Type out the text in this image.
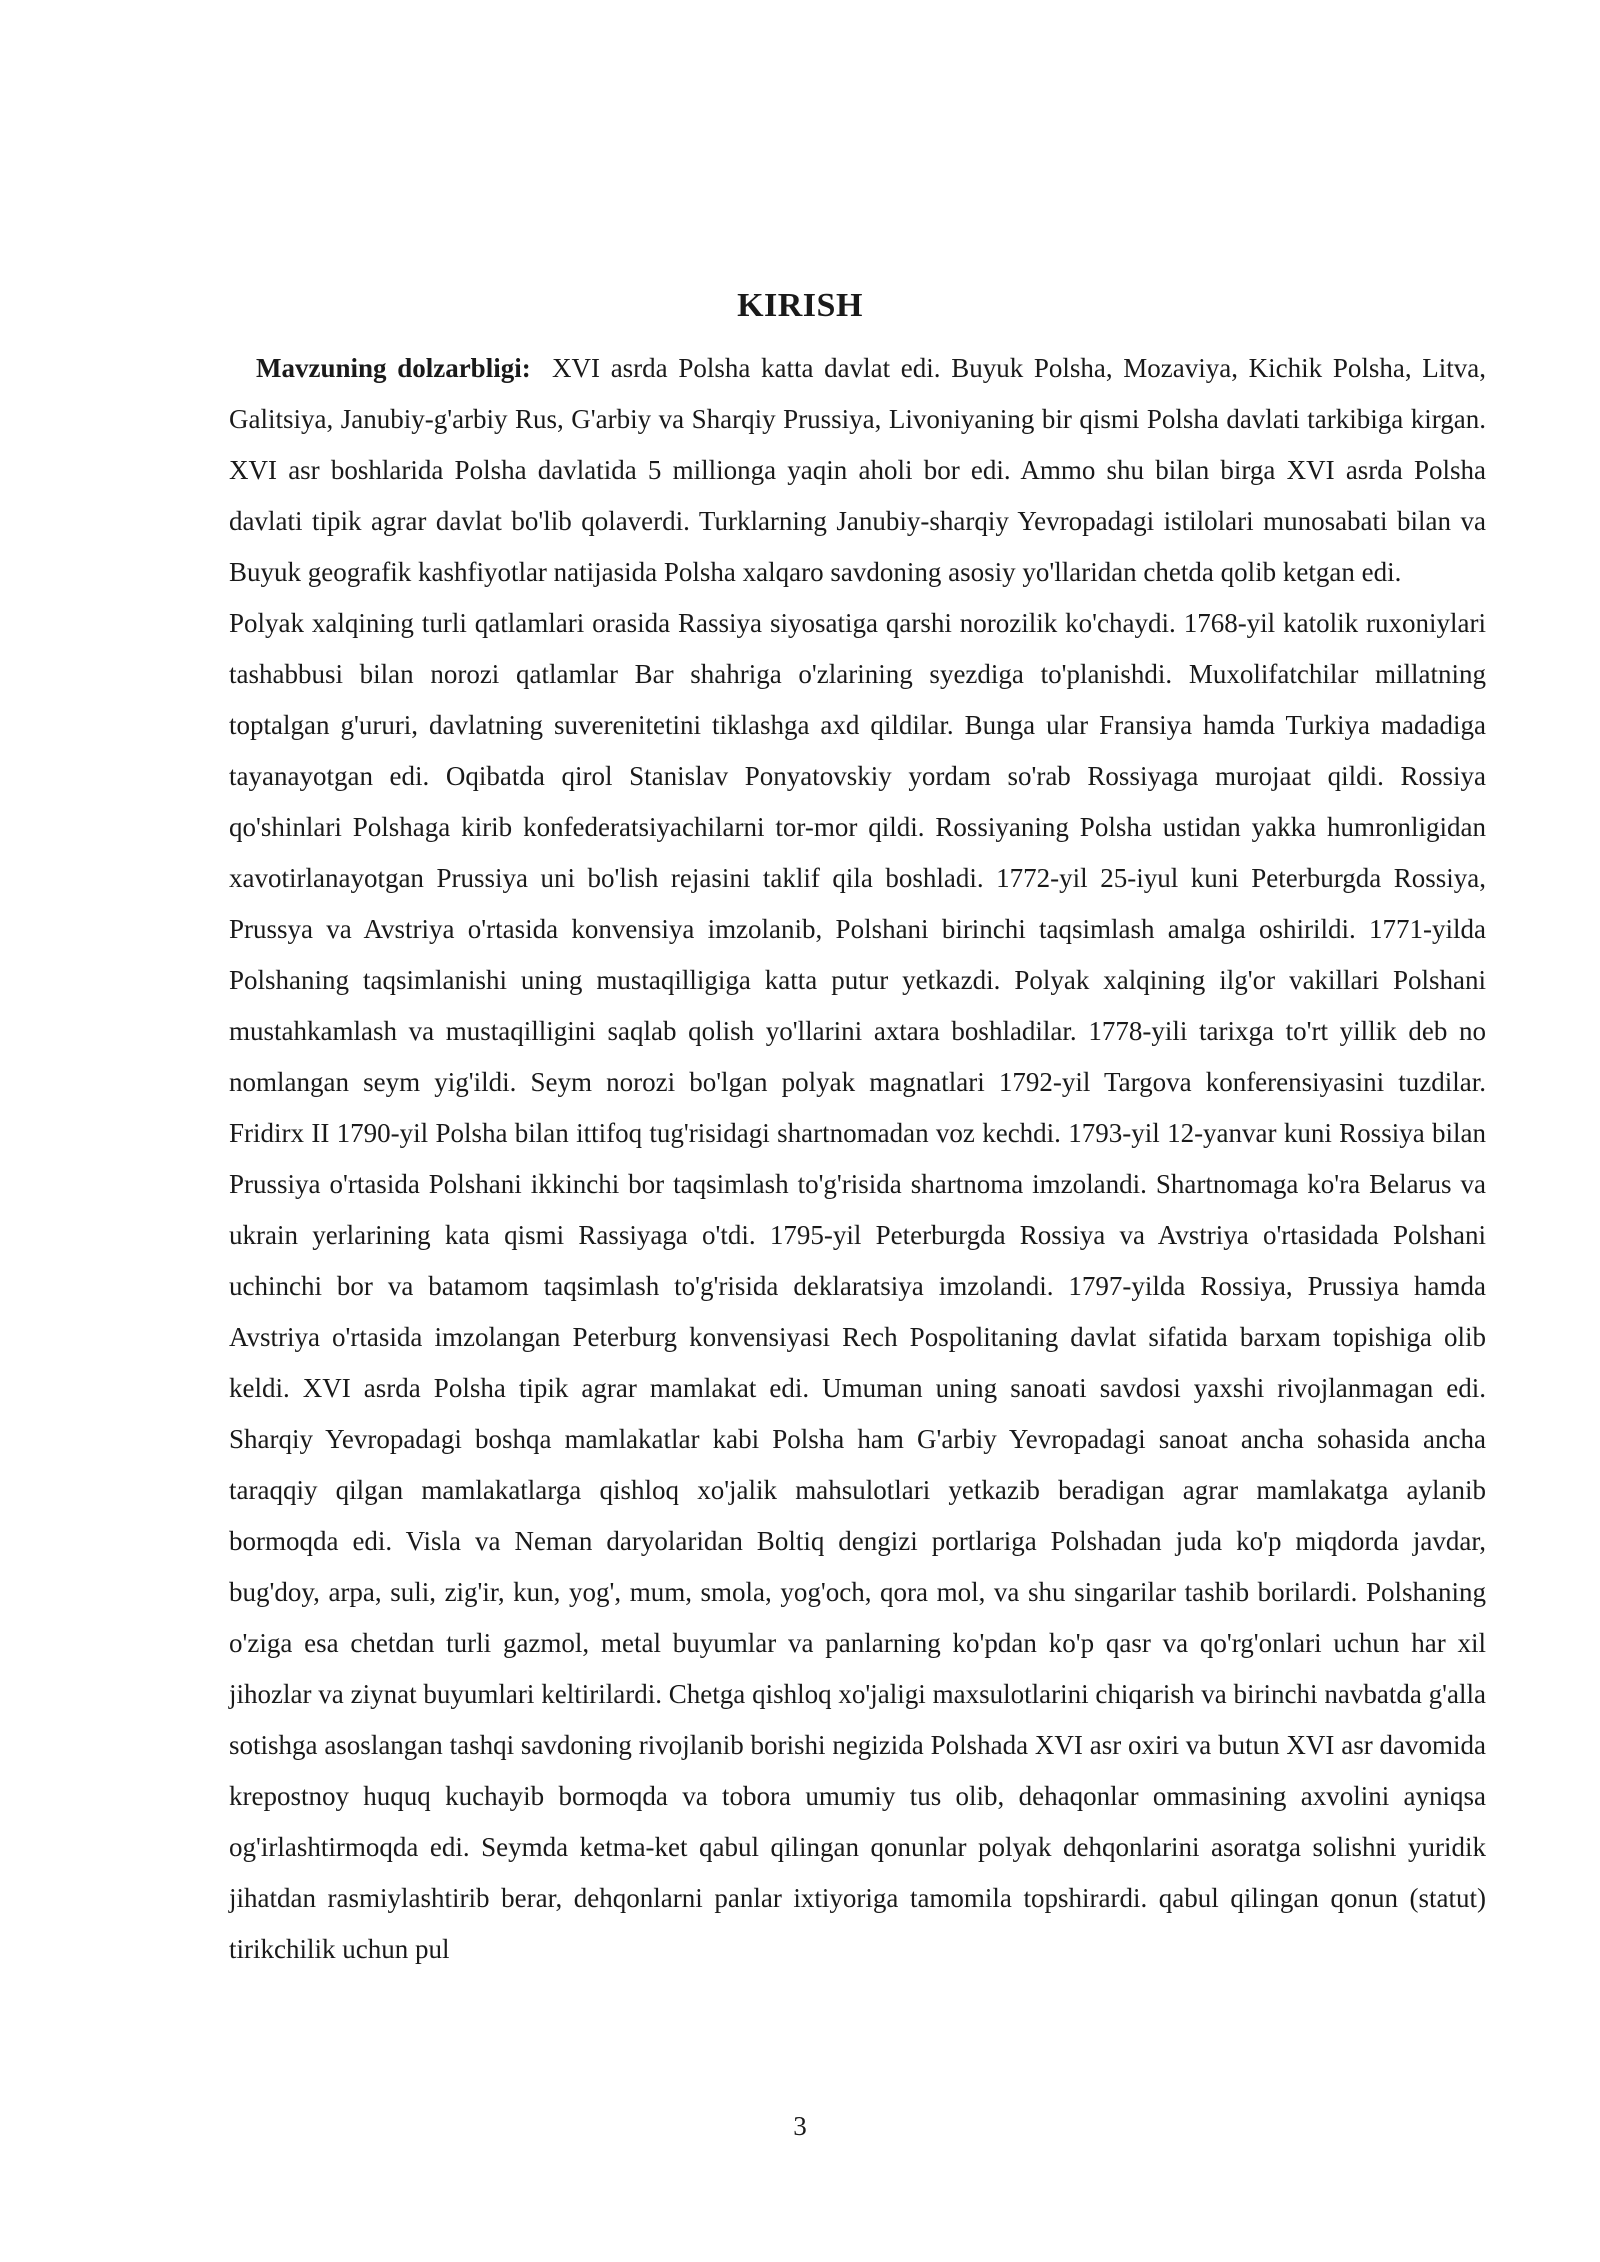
KIRISH

Mavzuning dolzarbligi: XVI asrda Polsha katta davlat edi. Buyuk Polsha, Mozaviya, Kichik Polsha, Litva, Galitsiya, Janubiy-g'arbiy Rus, G'arbiy va Sharqiy Prussiya, Livoniyaning bir qismi Polsha davlati tarkibiga kirgan. XVI asr boshlarida Polsha davlatida 5 millionga yaqin aholi bor edi. Ammo shu bilan birga XVI asrda Polsha davlati tipik agrar davlat bo'lib qolaverdi. Turklarning Janubiy-sharqiy Yevropadagi istilolari munosabati bilan va Buyuk geografik kashfiyotlar natijasida Polsha xalqaro savdoning asosiy yo'llaridan chetda qolib ketgan edi.

Polyak xalqining turli qatlamlari orasida Rassiya siyosatiga qarshi norozilik ko'chaydi. 1768-yil katolik ruxoniylari tashabbusi bilan norozi qatlamlar Bar shahriga o'zlarining syezdiga to'planishdi. Muxolifatchilar millatning toptalgan g'ururi, davlatning suverenitetini tiklashga axd qildilar. Bunga ular Fransiya hamda Turkiya madadiga tayanayotgan edi. Oqibatda qirol Stanislav Ponyatovskiy yordam so'rab Rossiyaga murojaat qildi. Rossiya qo'shinlari Polshaga kirib konfederatsiyachilarni tor-mor qildi. Rossiyaning Polsha ustidan yakka humronligidan xavotirlanayotgan Prussiya uni bo'lish rejasini taklif qila boshladi. 1772-yil 25-iyul kuni Peterburgda Rossiya, Prussya va Avstriya o'rtasida konvensiya imzolanib, Polshani birinchi taqsimlash amalga oshirildi. 1771-yilda Polshaning taqsimlanishi uning mustaqilligiga katta putur yetkazdi. Polyak xalqining ilg'or vakillari Polshani mustahkamlash va mustaqilligini saqlab qolish yo'llarini axtara boshladilar. 1778-yili tarixga to'rt yillik deb no nomlangan seym yig'ildi. Seym norozi bo'lgan polyak magnatlari 1792-yil Targova konferensiyasini tuzdilar. Fridirx II 1790-yil Polsha bilan ittifoq tug'risidagi shartnomadan voz kechdi. 1793-yil 12-yanvar kuni Rossiya bilan Prussiya o'rtasida Polshani ikkinchi bor taqsimlash to'g'risida shartnoma imzolandi. Shartnomaga ko'ra Belarus va ukrain yerlarining kata qismi Rassiyaga o'tdi. 1795-yil Peterburgda Rossiya va Avstriya o'rtasidada Polshani uchinchi bor va batamom taqsimlash to'g'risida deklaratsiya imzolandi. 1797-yilda Rossiya, Prussiya hamda Avstriya o'rtasida imzolangan Peterburg konvensiyasi Rech Pospolitaning davlat sifatida barxam topishiga olib keldi. XVI asrda Polsha tipik agrar mamlakat edi. Umuman uning sanoati savdosi yaxshi rivojlanmagan edi. Sharqiy Yevropadagi boshqa mamlakatlar kabi Polsha ham G'arbiy Yevropadagi sanoat ancha sohasida ancha taraqqiy qilgan mamlakatlarga qishloq xo'jalik mahsulotlari yetkazib beradigan agrar mamlakatga aylanib bormoqda edi. Visla va Neman daryolaridan Boltiq dengizi portlariga Polshadan juda ko'p miqdorda javdar, bug'doy, arpa, suli, zig'ir, kun, yog', mum, smola, yog'och, qora mol, va shu singarilar tashib borilardi. Polshaning o'ziga esa chetdan turli gazmol, metal buyumlar va panlarning ko'pdan ko'p qasr va qo'rg'onlari uchun har xil jihozlar va ziynat buyumlari keltirilardi. Chetga qishloq xo'jaligi maxsulotlarini chiqarish va birinchi navbatda g'alla sotishga asoslangan tashqi savdoning rivojlanib borishi negizida Polshada XVI asr oxiri va butun XVI asr davomida krepostnoy huquq kuchayib bormoqda va tobora umumiy tus olib, dehaqonlar ommasining axvolini ayniqsa og'irlashtirmoqda edi. Seymda ketma-ket qabul qilingan qonunlar polyak dehqonlarini asoratga solishni yuridik jihatdan rasmiylashtirib berar, dehqonlarni panlar ixtiyoriga tamomila topshirardi. qabul qilingan qonun (statut) tirikchilik uchun pul

3
